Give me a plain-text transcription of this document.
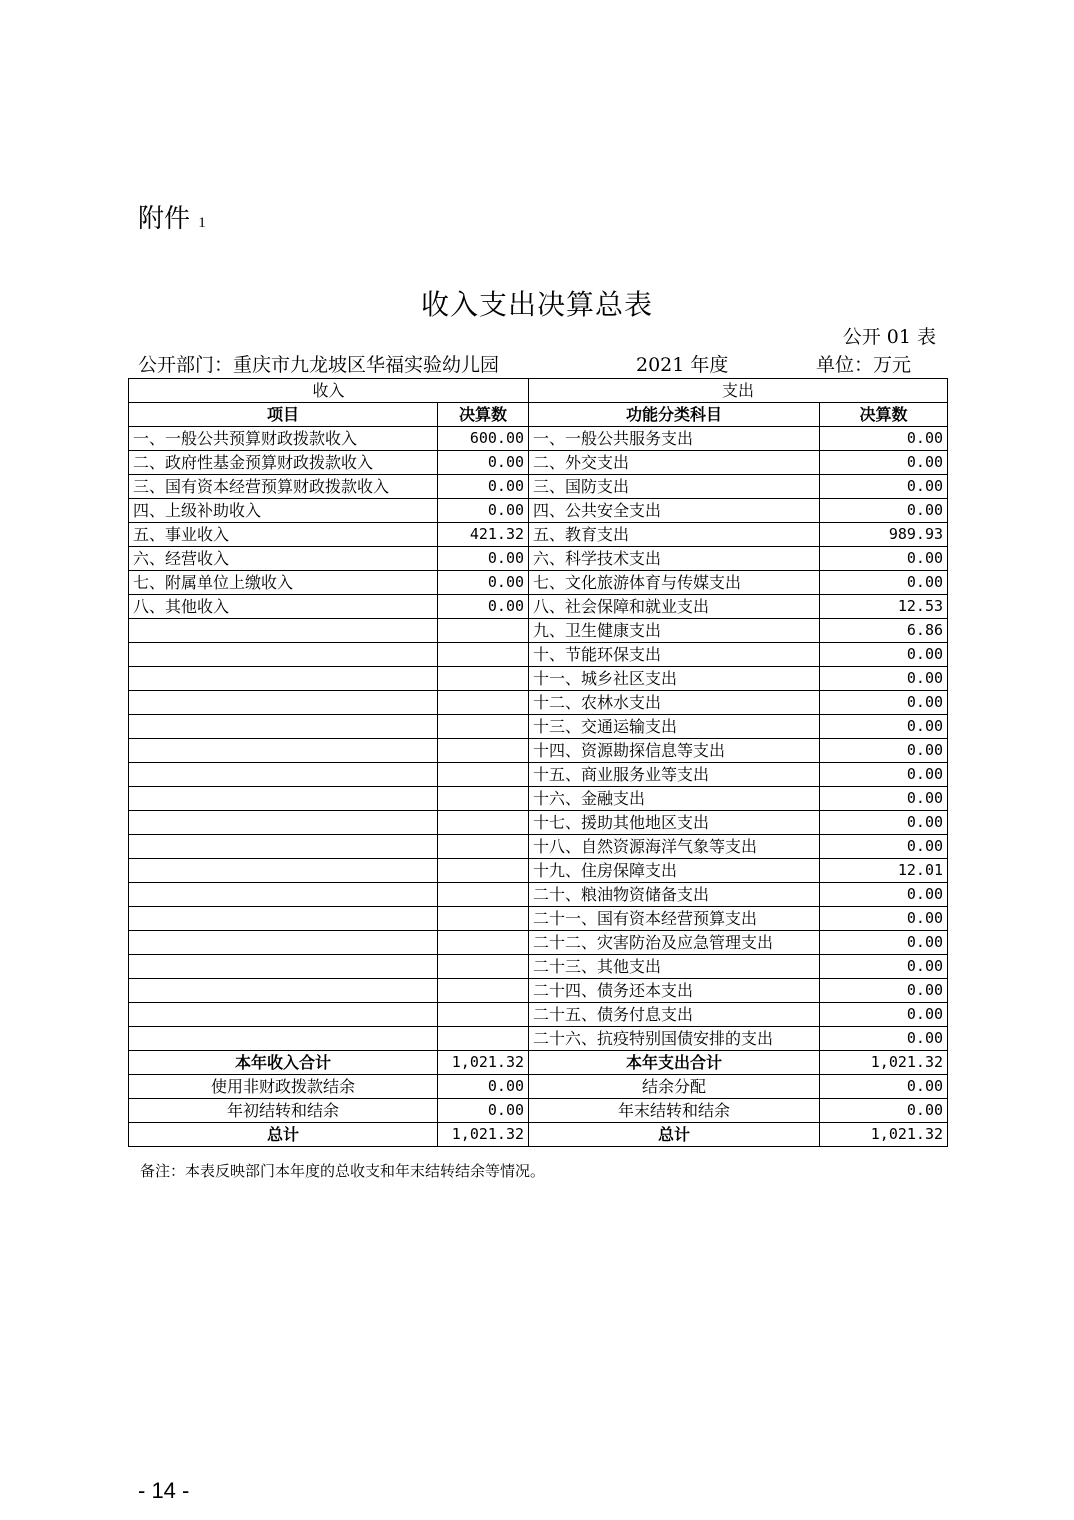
附件 1
收入支出决算总表
公开 01 表
公开部门：重庆市九龙坡区华福实验幼儿园	2021 年度	单位：万元
收入		支出	
项目	决算数	功能分类科目	决算数
一、一般公共预算财政拨款收入	600.00	一、一般公共服务支出	0.00
二、政府性基金预算财政拨款收入	0.00	二、外交支出	0.00
三、国有资本经营预算财政拨款收入	0.00	三、国防支出	0.00
四、上级补助收入	0.00	四、公共安全支出	0.00
五、事业收入	421.32	五、教育支出	989.93
六、经营收入	0.00	六、科学技术支出	0.00
七、附属单位上缴收入	0.00	七、文化旅游体育与传媒支出	0.00
八、其他收入	0.00	八、社会保障和就业支出	12.53
		九、卫生健康支出	6.86
		十、节能环保支出	0.00
		十一、城乡社区支出	0.00
		十二、农林水支出	0.00
		十三、交通运输支出	0.00
		十四、资源勘探信息等支出	0.00
		十五、商业服务业等支出	0.00
		十六、金融支出	0.00
		十七、援助其他地区支出	0.00
		十八、自然资源海洋气象等支出	0.00
		十九、住房保障支出	12.01
		二十、粮油物资储备支出	0.00
		二十一、国有资本经营预算支出	0.00
		二十二、灾害防治及应急管理支出	0.00
		二十三、其他支出	0.00
		二十四、债务还本支出	0.00
		二十五、债务付息支出	0.00
		二十六、抗疫特别国债安排的支出	0.00
本年收入合计	1,021.32	本年支出合计	1,021.32
使用非财政拨款结余	0.00	结余分配	0.00
年初结转和结余	0.00	年末结转和结余	0.00
总计	1,021.32	总计	1,021.32
备注：本表反映部门本年度的总收支和年末结转结余等情况。
- 14 -
